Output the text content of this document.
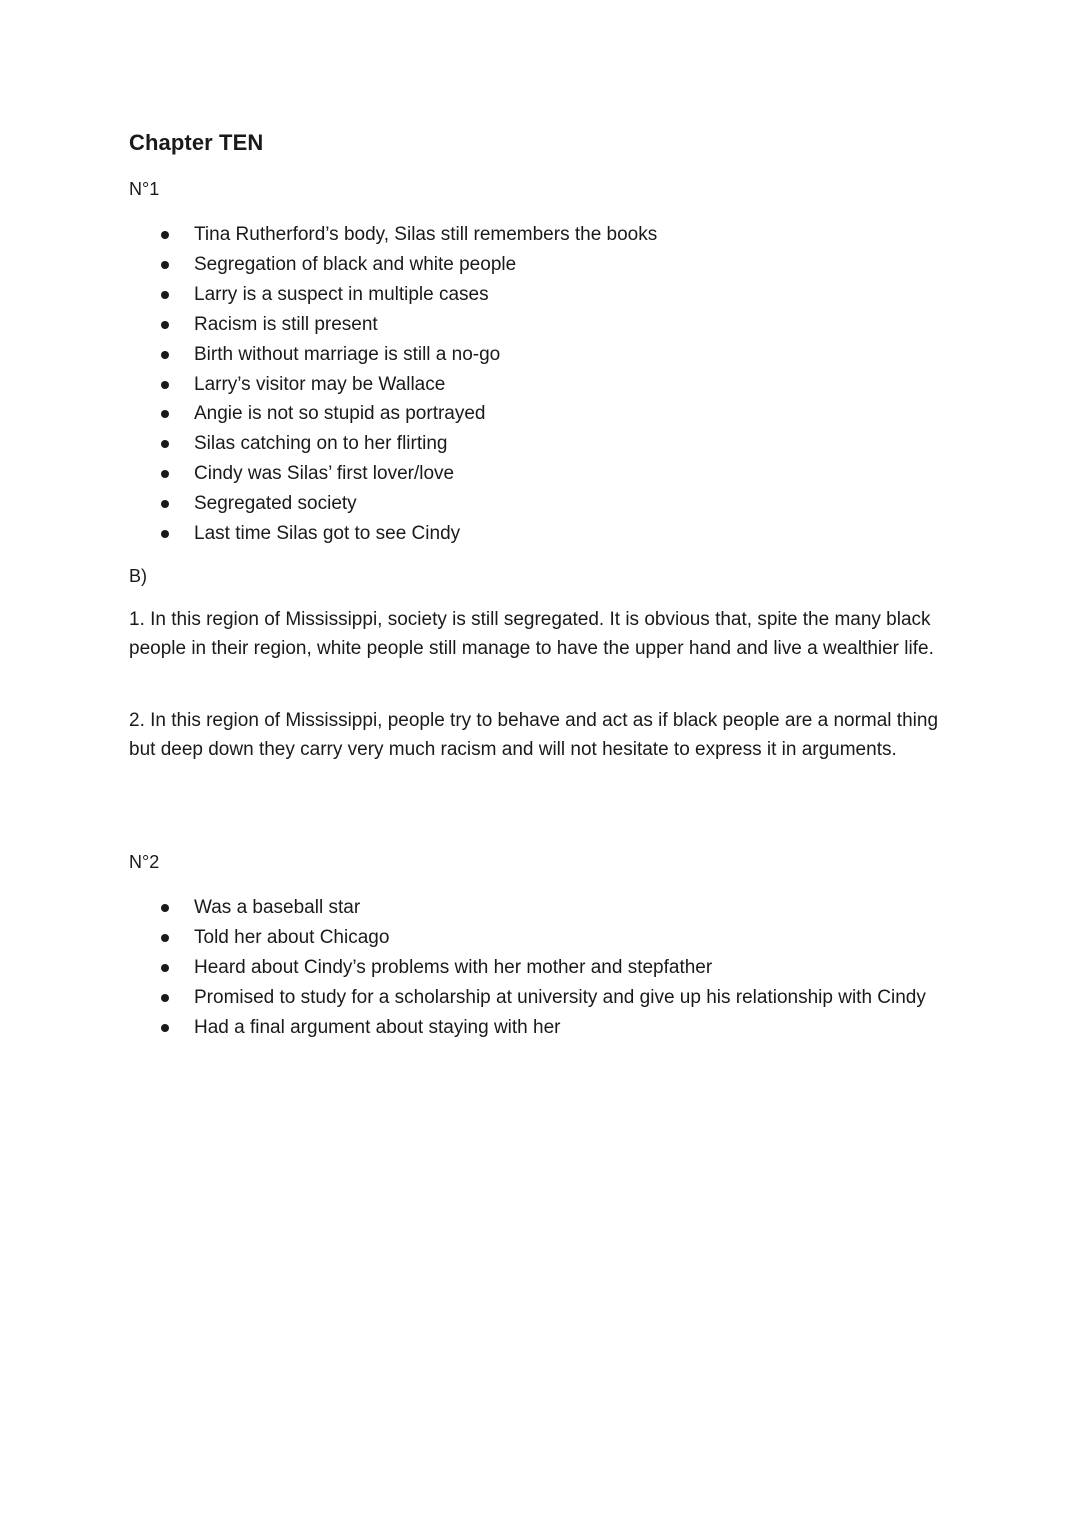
Chapter TEN

N°1

Tina Rutherford’s body, Silas still remembers the books
Segregation of black and white people
Larry is a suspect in multiple cases
Racism is still present
Birth without marriage is still a no-go
Larry’s visitor may be Wallace
Angie is not so stupid as portrayed
Silas catching on to her flirting
Cindy was Silas’ first lover/love
Segregated society
Last time Silas got to see Cindy

B)

1. In this region of Mississippi, society is still segregated. It is obvious that, spite the many black people in their region, white people still manage to have the upper hand and live a wealthier life.

2. In this region of Mississippi, people try to behave and act as if black people are a normal thing but deep down they carry very much racism and will not hesitate to express it in arguments.

N°2

Was a baseball star
Told her about Chicago
Heard about Cindy’s problems with her mother and stepfather
Promised to study for a scholarship at university and give up his relationship with Cindy
Had a final argument about staying with her
